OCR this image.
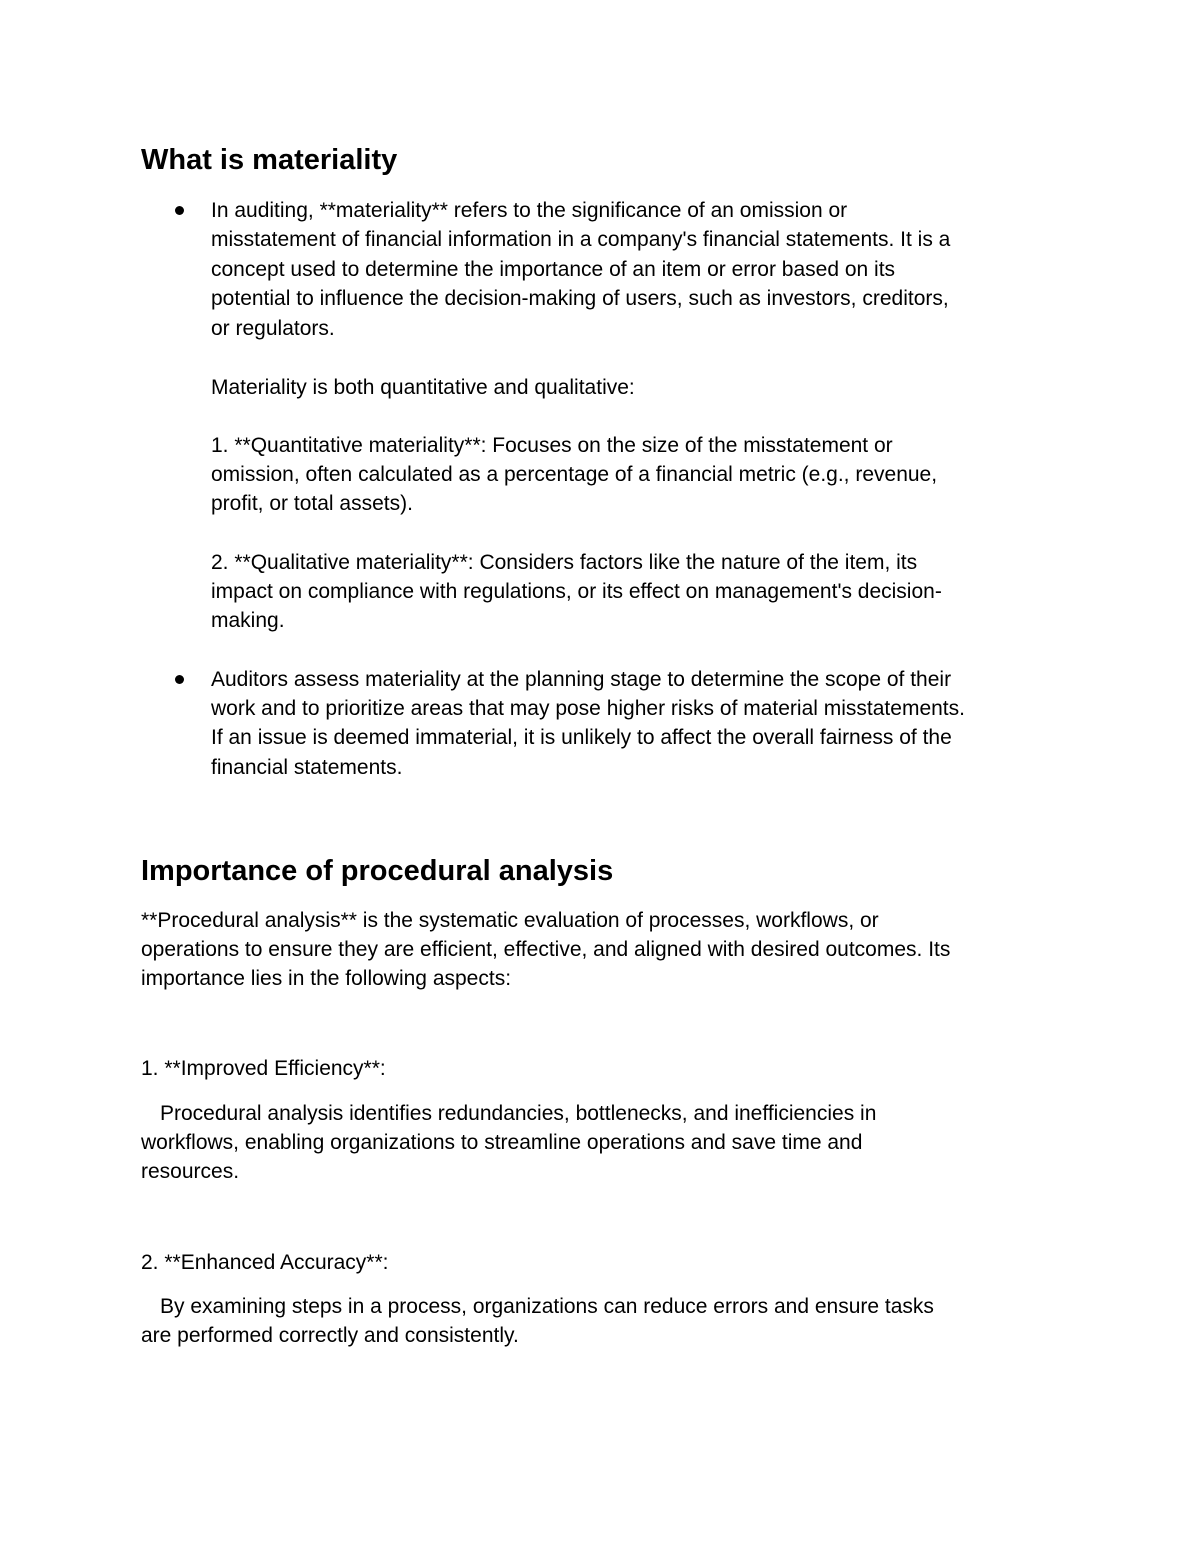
What is materiality

In auditing, **materiality** refers to the significance of an omission or

misstatement of financial information in a company's financial statements. It is a

concept used to determine the importance of an item or error based on its

potential to influence the decision-making of users, such as investors, creditors,

or regulators.

Materiality is both quantitative and qualitative:

1. **Quantitative materiality**: Focuses on the size of the misstatement or

omission, often calculated as a percentage of a financial metric (e.g., revenue,

profit, or total assets).

2. **Qualitative materiality**: Considers factors like the nature of the item, its

impact on compliance with regulations, or its effect on management's decision-

making.

Auditors assess materiality at the planning stage to determine the scope of their

work and to prioritize areas that may pose higher risks of material misstatements.

If an issue is deemed immaterial, it is unlikely to affect the overall fairness of the

financial statements.

Importance of procedural analysis

**Procedural analysis** is the systematic evaluation of processes, workflows, or

operations to ensure they are efficient, effective, and aligned with desired outcomes. Its

importance lies in the following aspects:

1. **Improved Efficiency**:

Procedural analysis identifies redundancies, bottlenecks, and inefficiencies in

workflows, enabling organizations to streamline operations and save time and

resources.

2. **Enhanced Accuracy**:

By examining steps in a process, organizations can reduce errors and ensure tasks

are performed correctly and consistently.
